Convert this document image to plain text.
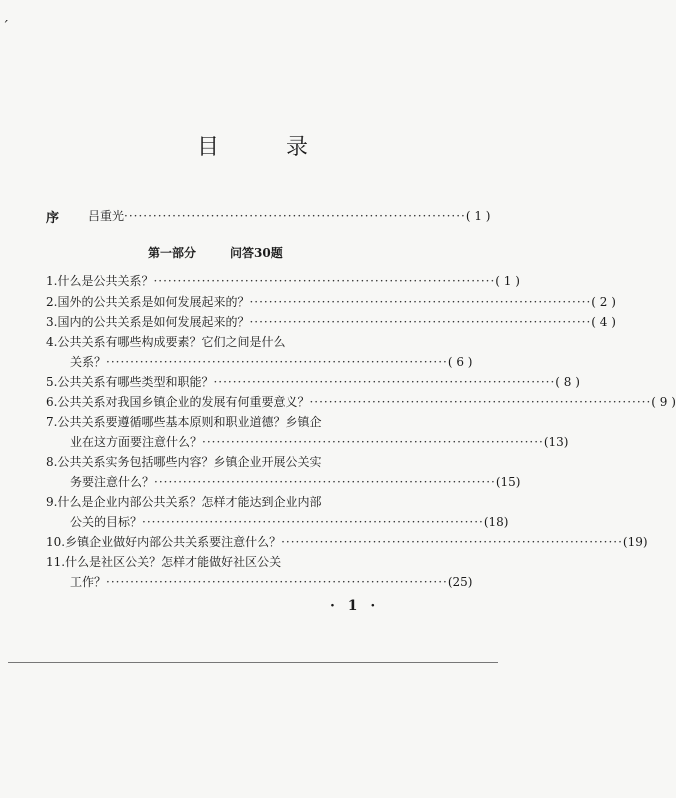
ˊ
目 录
序 吕重光 ······································································· ( 1 )
第一部分	问答30题
1.什么是公共关系？ ······································································· ( 1 )
2.国外的公共关系是如何发展起来的？ ······································································· ( 2 )
3.国内的公共关系是如何发展起来的？ ······································································· ( 4 )
4.公共关系有哪些构成要素？它们之间是什么
关系？ ······································································· ( 6 )
5.公共关系有哪些类型和职能？ ······································································· ( 8 )
6.公共关系对我国乡镇企业的发展有何重要意义？ ······································································· ( 9 )
7.公共关系要遵循哪些基本原则和职业道德？乡镇企
业在这方面要注意什么？ ······································································· (13)
8.公共关系实务包括哪些内容？乡镇企业开展公关实
务要注意什么？ ······································································· (15)
9.什么是企业内部公共关系？怎样才能达到企业内部
公关的目标？ ······································································· (18)
10.乡镇企业做好内部公共关系要注意什么？ ······································································· (19)
11.什么是社区公关？怎样才能做好社区公关
工作？ ······································································· (25)
· 1 ·
